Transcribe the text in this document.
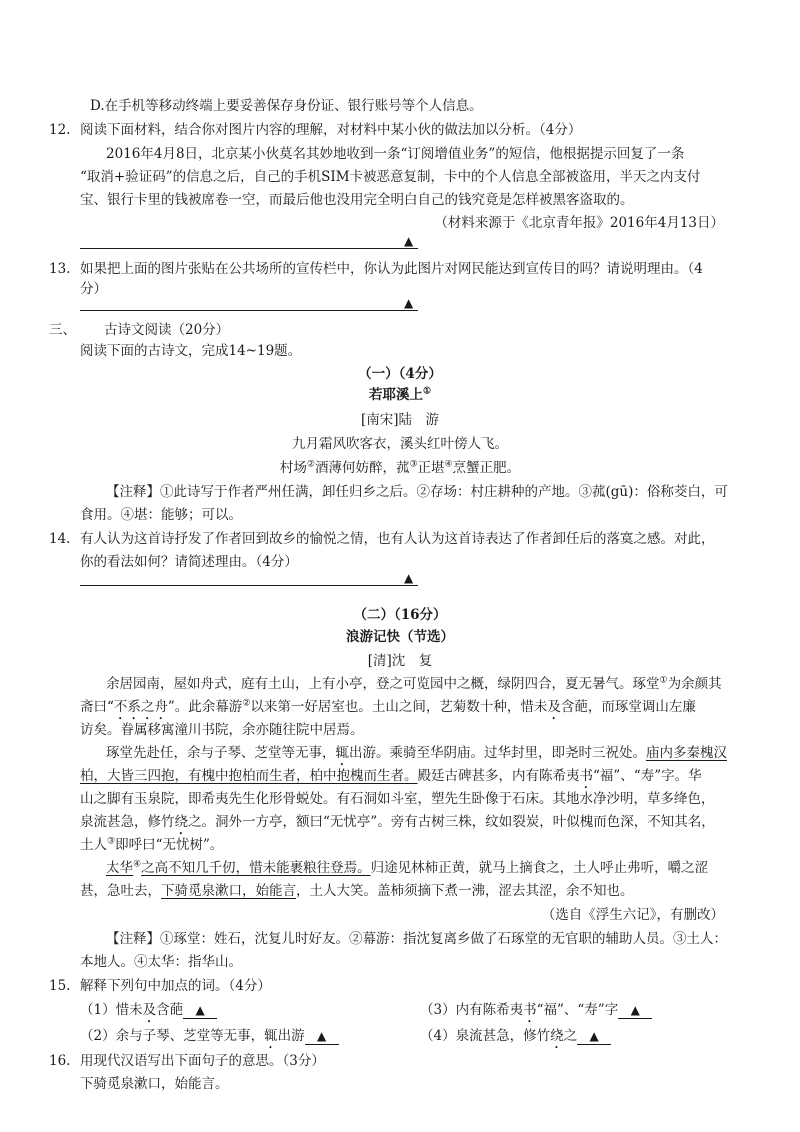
D.在手机等移动终端上要妥善保存身份证、银行账号等个人信息。
12. 阅读下面材料，结合你对图片内容的理解，对材料中某小伙的做法加以分析。（4分）
2016年4月8日，北京某小伙莫名其妙地收到一条“订阅增值业务”的短信，他根据提示回复了一条
“取消+验证码”的信息之后，自己的手机SIM卡被恶意复制，卡中的个人信息全部被盗用，半天之内支付
宝、银行卡里的钱被席卷一空，而最后他也没用完全明白自己的钱究竟是怎样被黑客盗取的。
（材料来源于《北京青年报》2016年4月13日）
▲
13. 如果把上面的图片张贴在公共场所的宣传栏中，你认为此图片对网民能达到宣传目的吗？请说明理由。（4
分）
▲
三、 古诗文阅读（20分）
阅读下面的古诗文，完成14~19题。
（一）（4分）
若耶溪上①
[南宋]陆　游
九月霜风吹客衣，溪头红叶傍人飞。
村场②酒薄何妨醉，菰③正堪④烹蟹正肥。
【注释】①此诗写于作者严州任满，卸任归乡之后。②存场：村庄耕种的产地。③菰(gū)：俗称茭白，可
食用。④堪：能够；可以。
14. 有人认为这首诗抒发了作者回到故乡的愉悦之情，也有人认为这首诗表达了作者卸任后的落寞之感。对此，
你的看法如何？请简述理由。（4分）
▲
（二）（16分）
浪游记快（节选）
[清]沈　复
余居园南，屋如舟式，庭有土山，上有小亭，登之可览园中之概，绿阴四合，夏无暑气。琢堂①为余颜其
斋曰“不系之舟”。此余幕游②以来第一好居室也。土山之间，艺菊数十种，惜未及含葩，而琢堂调山左廉
访矣。眷属移寓潼川书院，余亦随往院中居焉。
琢堂先赴任，余与子琴、芝堂等无事，辄出游。乘骑至华阴庙。过华封里，即尧时三祝处。庙内多秦槐汉
柏，大皆三四抱，有槐中抱柏而生者，柏中抱槐而生者。殿廷古碑甚多，内有陈希夷书“福”、“寿”字。华
山之脚有玉泉院，即希夷先生化形骨蜕处。有石洞如斗室，塑先生卧像于石床。其地水净沙明，草多绛色，
泉流甚急，修竹绕之。洞外一方亭，额曰“无忧亭”。旁有古树三株，纹如裂炭，叶似槐而色深，不知其名，
土人③即呼曰“无忧树”。
太华④之高不知几千仞，惜未能裹粮往登焉。归途见林柿正黄，就马上摘食之，土人呼止弗听，嚼之涩
甚，急吐去，下骑觅泉漱口，始能言，土人大笑。盖柿须摘下煮一沸，涩去其涩，余不知也。
（选自《浮生六记》，有删改）
【注释】①琢堂：姓石，沈复儿时好友。②幕游：指沈复离乡做了石琢堂的无官职的辅助人员。③土人：
本地人。④太华：指华山。
15. 解释下列句中加点的词。（4分）
（1）惜未及含葩 ▲	（3）内有陈希夷书“福”、“寿”字 ▲
（2）余与子琴、芝堂等无事，辄出游 ▲	（4）泉流甚急，修竹绕之 ▲
16. 用现代汉语写出下面句子的意思。（3分）
下骑觅泉漱口，始能言。
